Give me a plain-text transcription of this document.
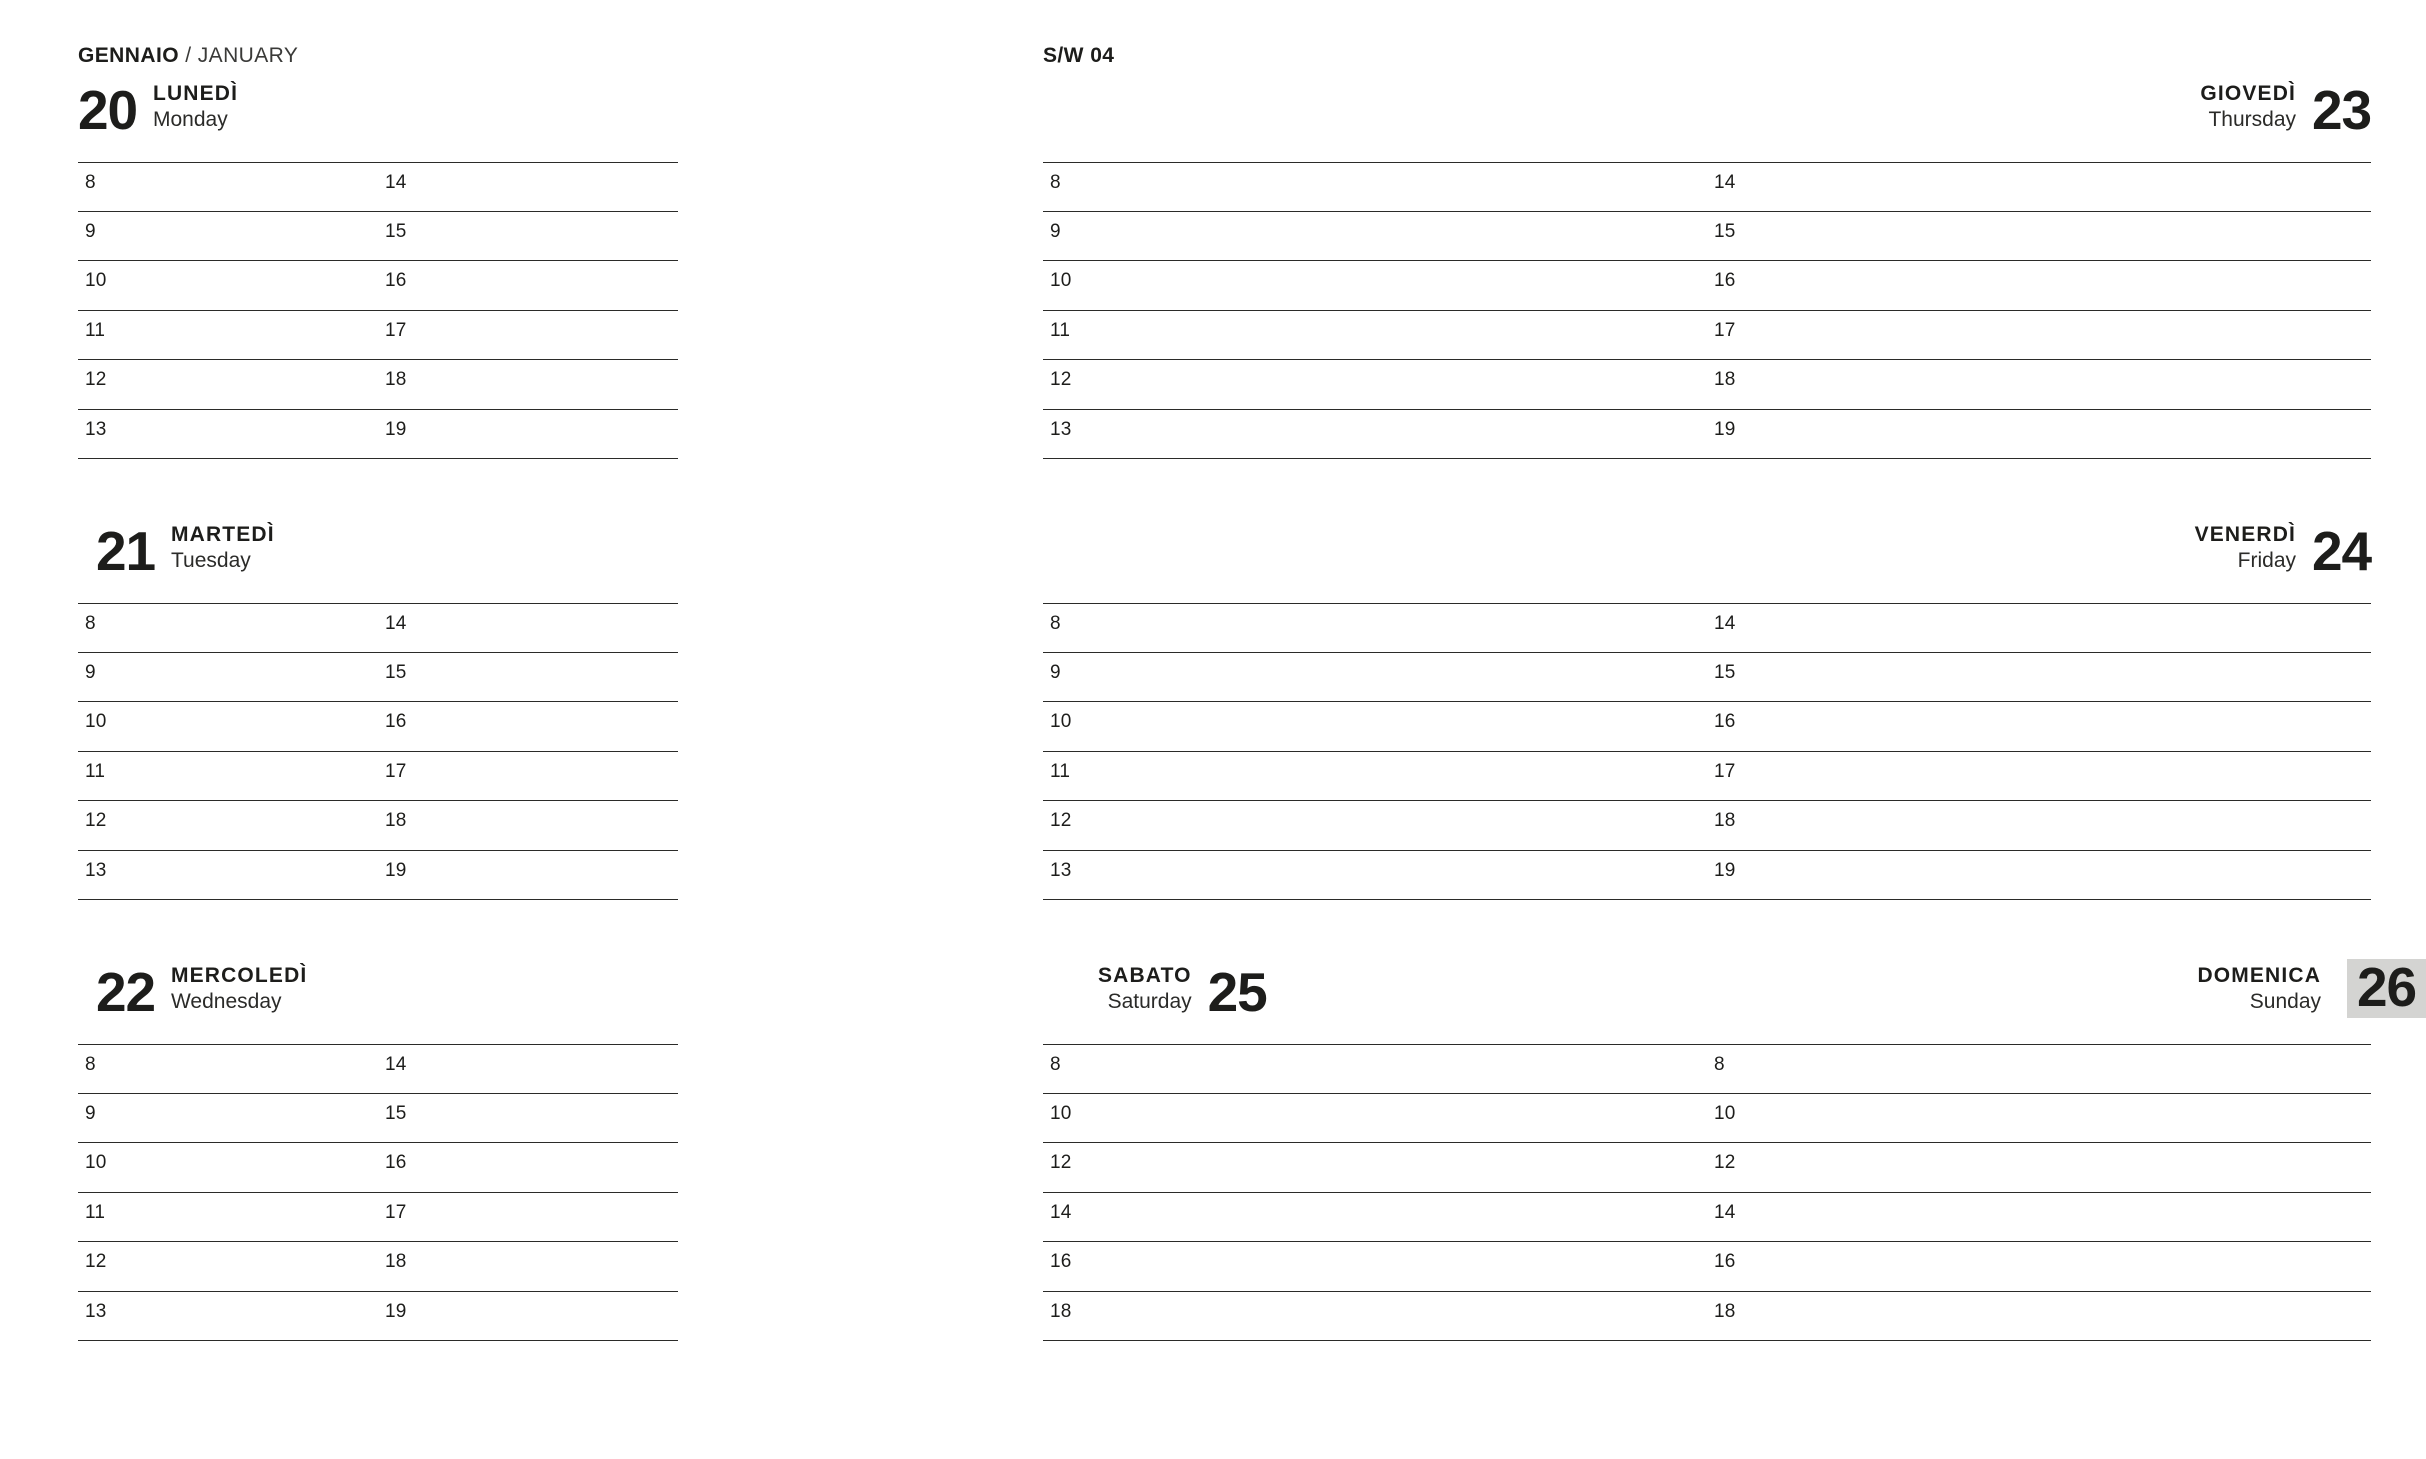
GENNAIO / JANUARY
20 LUNEDÌ
Monday
8
9
10
11
12
13
14
15
16
17
18
19
21 MARTEDÌ
Tuesday
8
9
10
11
12
13
14
15
16
17
18
19
22 MERCOLEDÌ
Wednesday
8
9
10
11
12
13
14
15
16
17
18
19
S/W 04
GIOVEDÌ
Thursday 23
8
9
10
11
12
13
14
15
16
17
18
19
VENERDÌ
Friday 24
8
9
10
11
12
13
14
15
16
17
18
19
SABATO
Saturday 25	DOMENICA
Sunday 26
8
10
12
14
16
18
8
10
12
14
16
18
